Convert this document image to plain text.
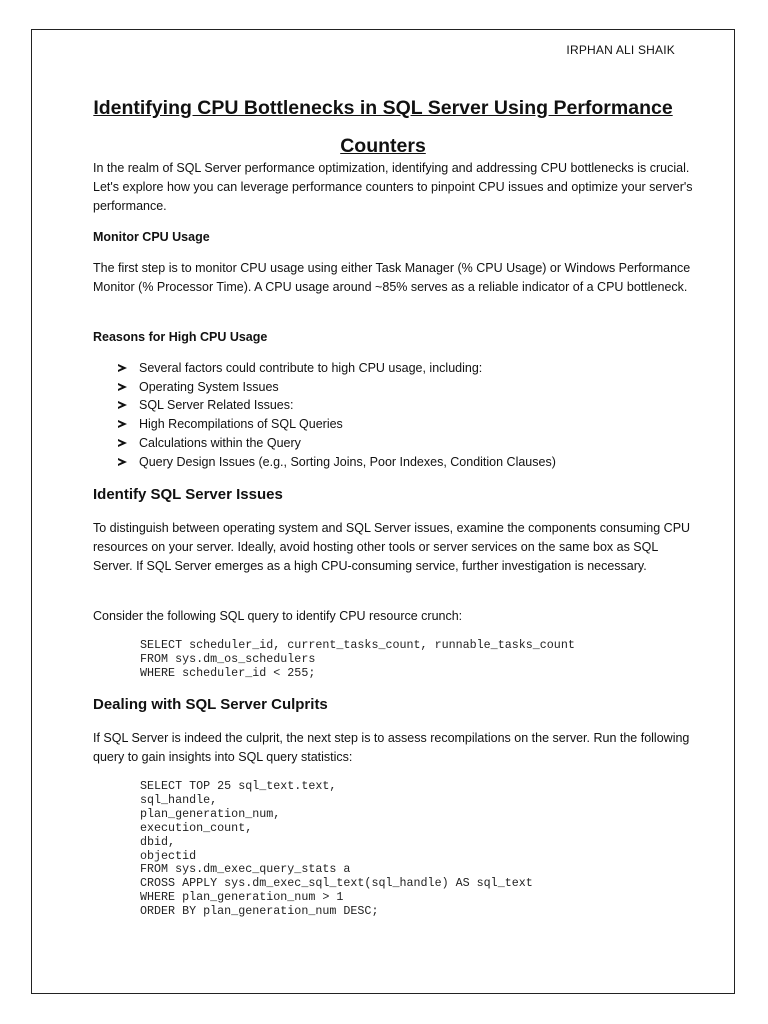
IRPHAN ALI SHAIK
Identifying CPU Bottlenecks in SQL Server Using Performance Counters

In the realm of SQL Server performance optimization, identifying and addressing CPU bottlenecks is crucial. Let's explore how you can leverage performance counters to pinpoint CPU issues and optimize your server's performance.

Monitor CPU Usage

The first step is to monitor CPU usage using either Task Manager (% CPU Usage) or Windows Performance Monitor (% Processor Time). A CPU usage around ~85% serves as a reliable indicator of a CPU bottleneck.

Reasons for High CPU Usage
Several factors could contribute to high CPU usage, including:
Operating System Issues
SQL Server Related Issues:
High Recompilations of SQL Queries
Calculations within the Query
Query Design Issues (e.g., Sorting Joins, Poor Indexes, Condition Clauses)
Identify SQL Server Issues

To distinguish between operating system and SQL Server issues, examine the components consuming CPU resources on your server. Ideally, avoid hosting other tools or server services on the same box as SQL Server. If SQL Server emerges as a high CPU-consuming service, further investigation is necessary.

Consider the following SQL query to identify CPU resource crunch:

SELECT scheduler_id, current_tasks_count, runnable_tasks_count
FROM sys.dm_os_schedulers
WHERE scheduler_id < 255;
Dealing with SQL Server Culprits

If SQL Server is indeed the culprit, the next step is to assess recompilations on the server. Run the following query to gain insights into SQL query statistics:

SELECT TOP 25 sql_text.text,
sql_handle,
plan_generation_num,
execution_count,
dbid,
objectid
FROM sys.dm_exec_query_stats a
CROSS APPLY sys.dm_exec_sql_text(sql_handle) AS sql_text
WHERE plan_generation_num > 1
ORDER BY plan_generation_num DESC;
